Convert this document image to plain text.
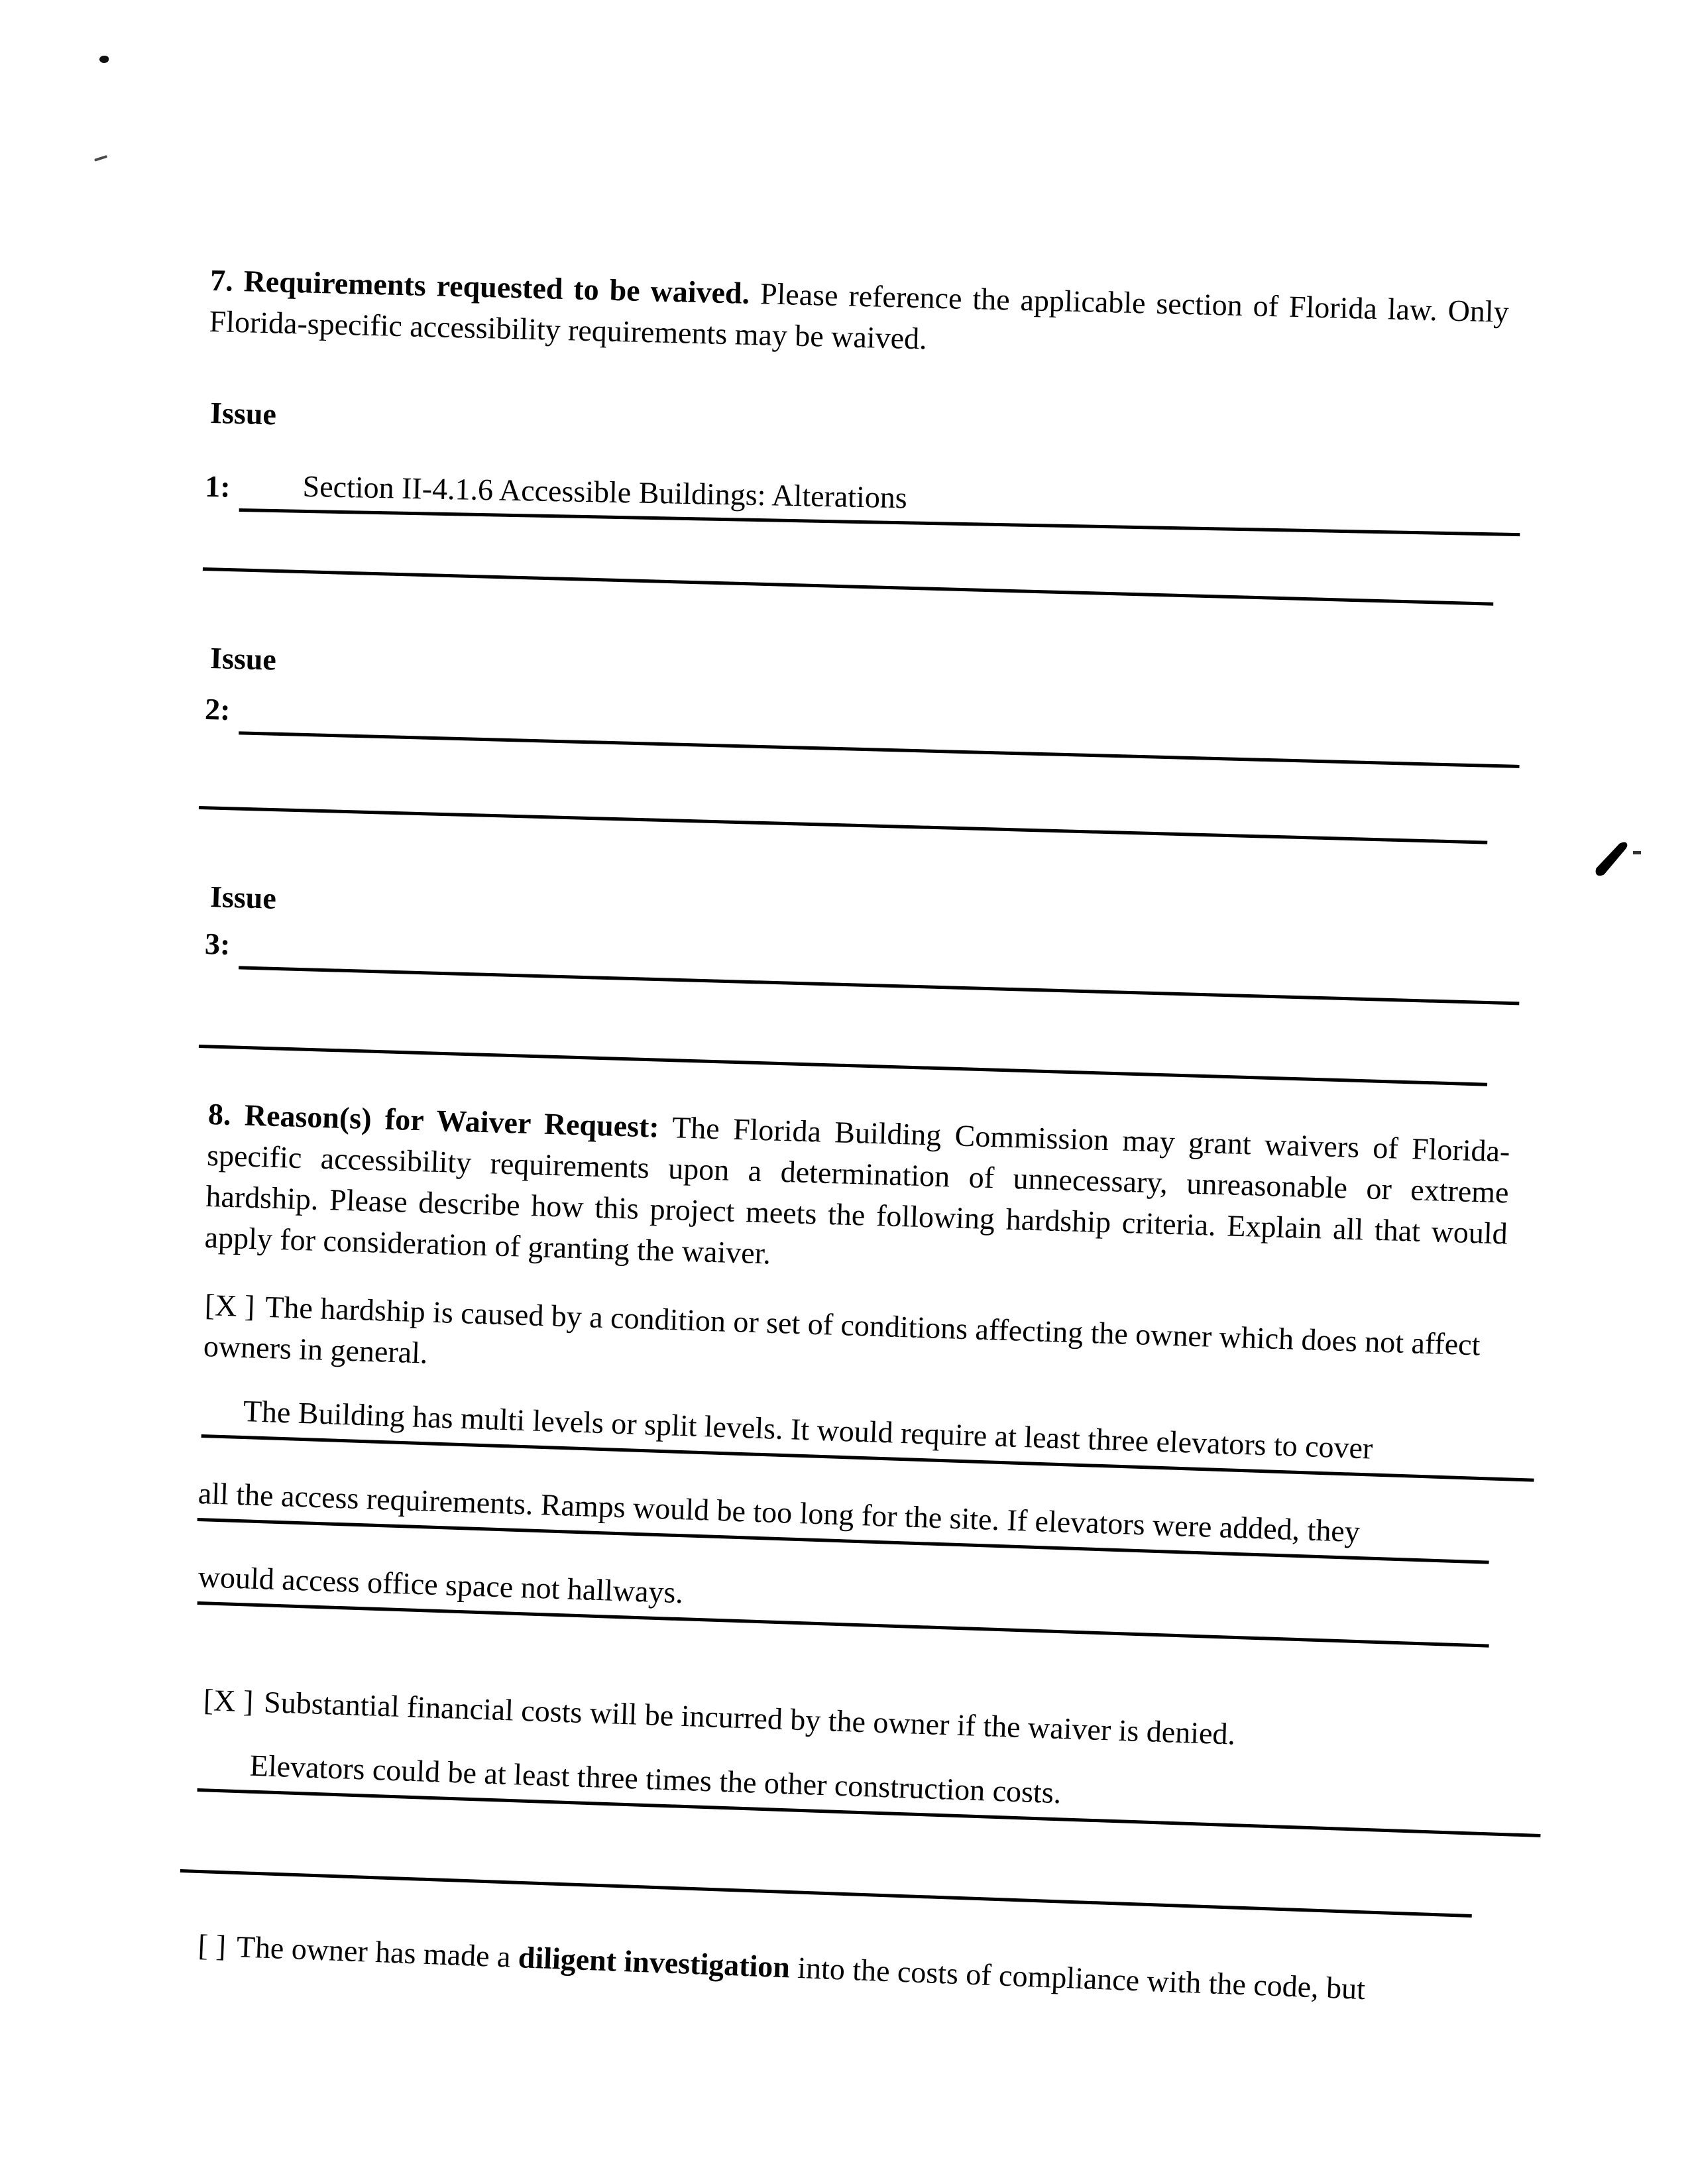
7. Requirements requested to be waived. Please reference the applicable section of Florida law. Only Florida-specific accessibility requirements may be waived.
Issue
1:	Section II-4.1.6 Accessible Buildings: Alterations
Issue
2:
Issue
3:
8. Reason(s) for Waiver Request: The Florida Building Commission may grant waivers of Florida-specific accessibility requirements upon a determination of unnecessary, unreasonable or extreme hardship. Please describe how this project meets the following hardship criteria. Explain all that would apply for consideration of granting the waiver.
[X ] The hardship is caused by a condition or set of conditions affecting the owner which does not affect owners in general.
The Building has multi levels or split levels. It would require at least three elevators to cover
all the access requirements. Ramps would be too long for the site. If elevators were added, they
would access office space not hallways.
[X ] Substantial financial costs will be incurred by the owner if the waiver is denied.
Elevators could be at least three times the other construction costs.
[ ] The owner has made a diligent investigation into the costs of compliance with the code, but
